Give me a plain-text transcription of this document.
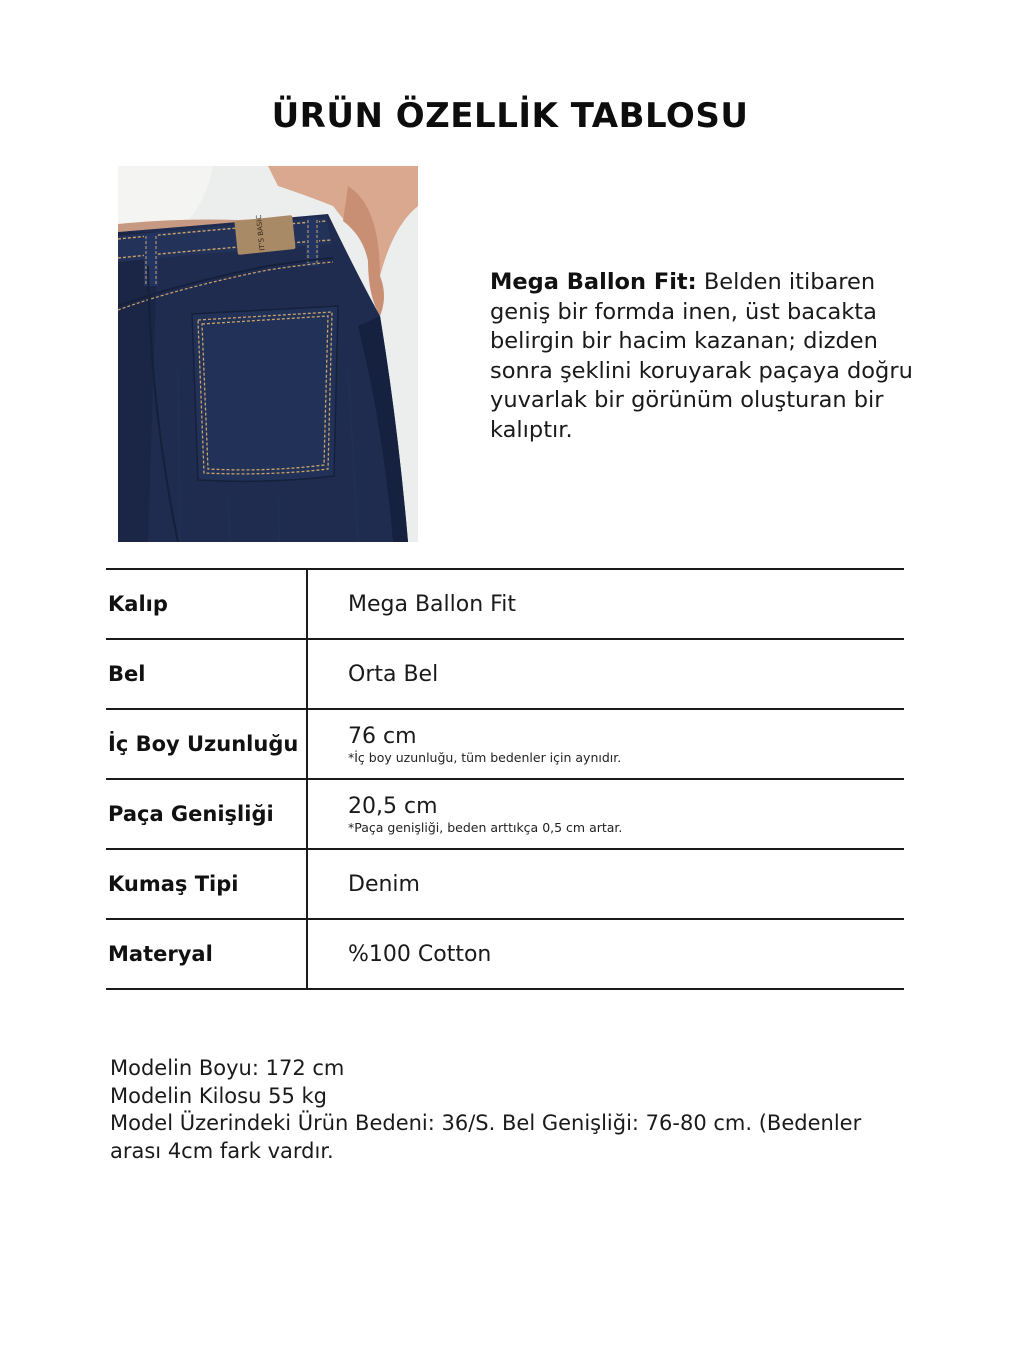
ÜRÜN ÖZELLİK TABLOSU
IT'S BASIC
Mega Ballon Fit: Belden itibaren geniş bir formda inen, üst bacakta belirgin bir hacim kazanan; dizden sonra şeklini koruyarak paçaya doğru yuvarlak bir görünüm oluşturan bir kalıptır.
Kalıp	Mega Ballon Fit
Bel	Orta Bel
İç Boy Uzunluğu 76 cm
*İç boy uzunluğu, tüm bedenler için aynıdır.
Paça Genişliği	20,5 cm
*Paça genişliği, beden arttıkça 0,5 cm artar.
Kumaş Tipi	Denim
Materyal	%100 Cotton
Modelin Boyu: 172 cm
Modelin Kilosu 55 kg
Model Üzerindeki Ürün Bedeni: 36/S. Bel Genişliği: 76-80 cm. (Bedenler arası 4cm fark vardır.
